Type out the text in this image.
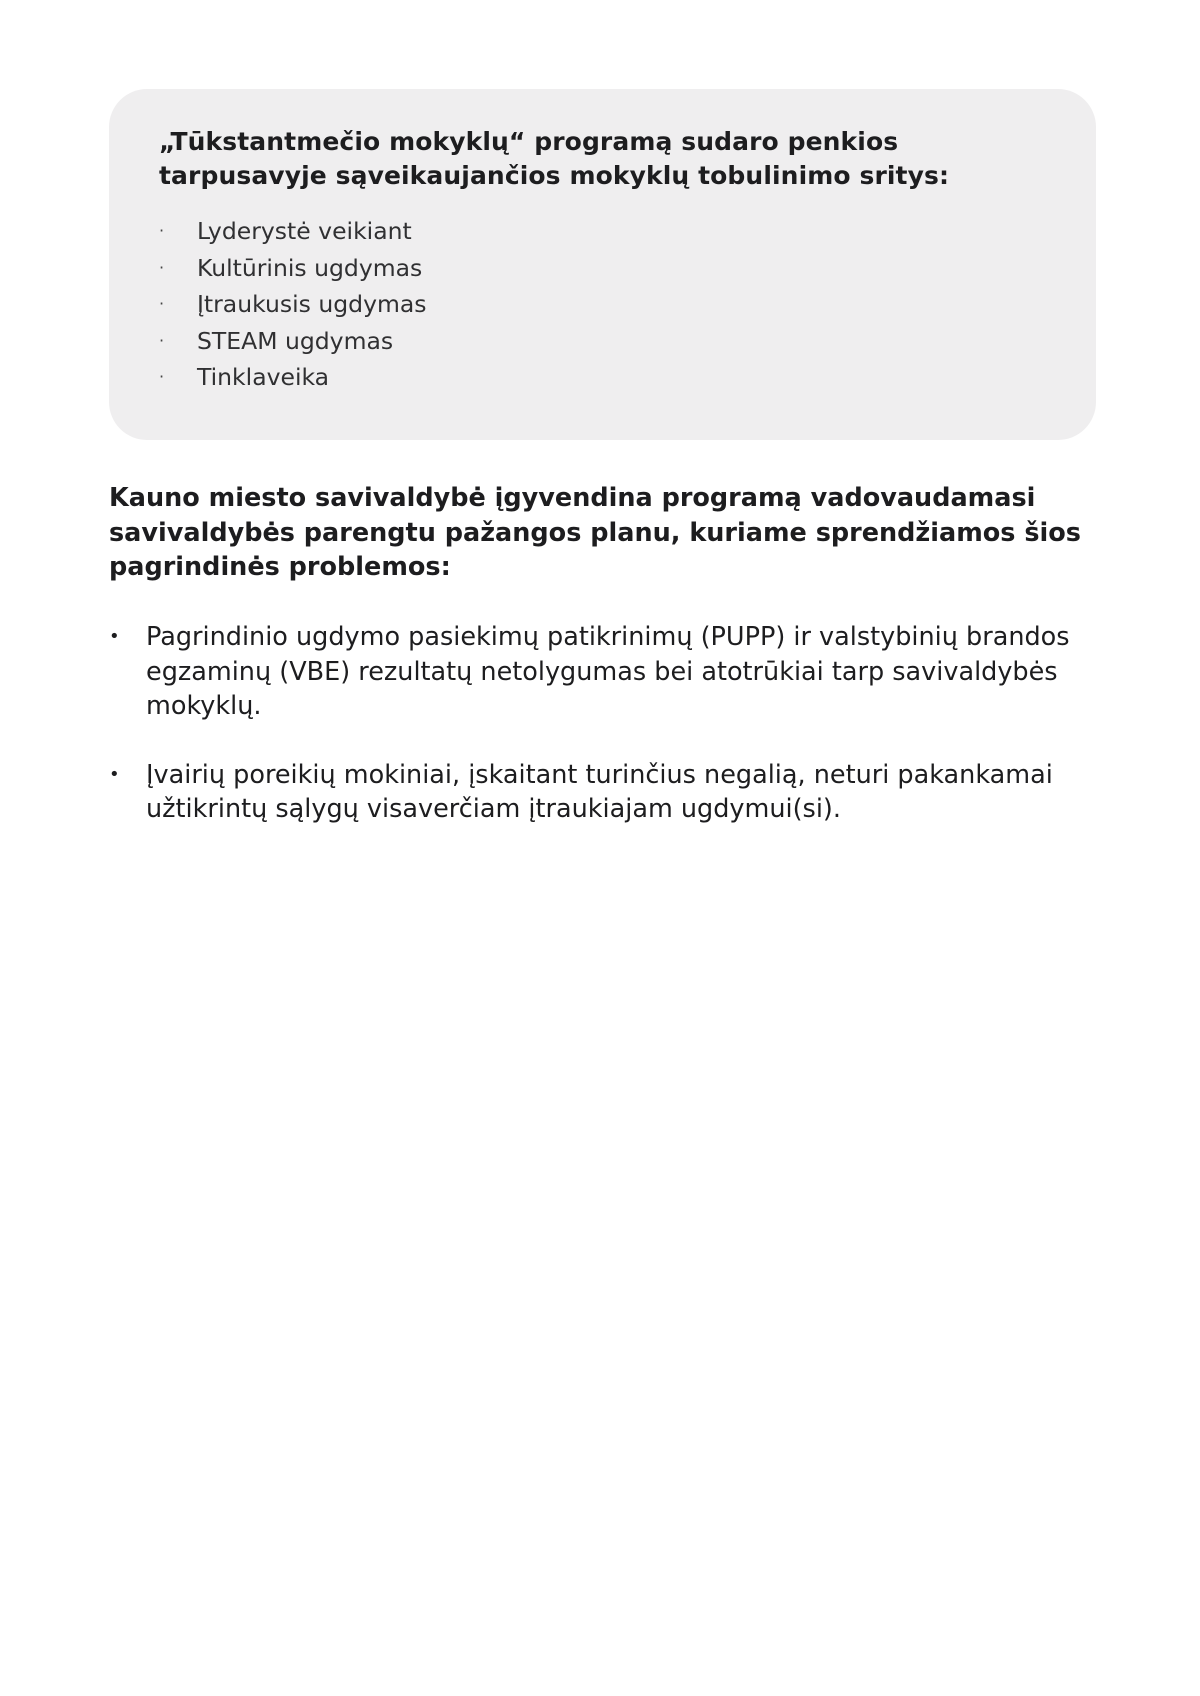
„Tūkstantmečio mokyklų“ programą sudaro penkios tarpusavyje sąveikaujančios mokyklų tobulinimo sritys:

· Lyderystė veikiant
· Kultūrinis ugdymas
· Įtraukusis ugdymas
· STEAM ugdymas
· Tinklaveika

Kauno miesto savivaldybė įgyvendina programą vadovaudamasi savivaldybės parengtu pažangos planu, kuriame sprendžiamos šios pagrindinės problemos:

• Pagrindinio ugdymo pasiekimų patikrinimų (PUPP) ir valstybinių brandos egzaminų (VBE) rezultatų netolygumas bei atotrūkiai tarp savivaldybės mokyklų.
• Įvairių poreikių mokiniai, įskaitant turinčius negalią, neturi pakankamai užtikrintų sąlygų visaverčiam įtraukiajam ugdymui(si).
